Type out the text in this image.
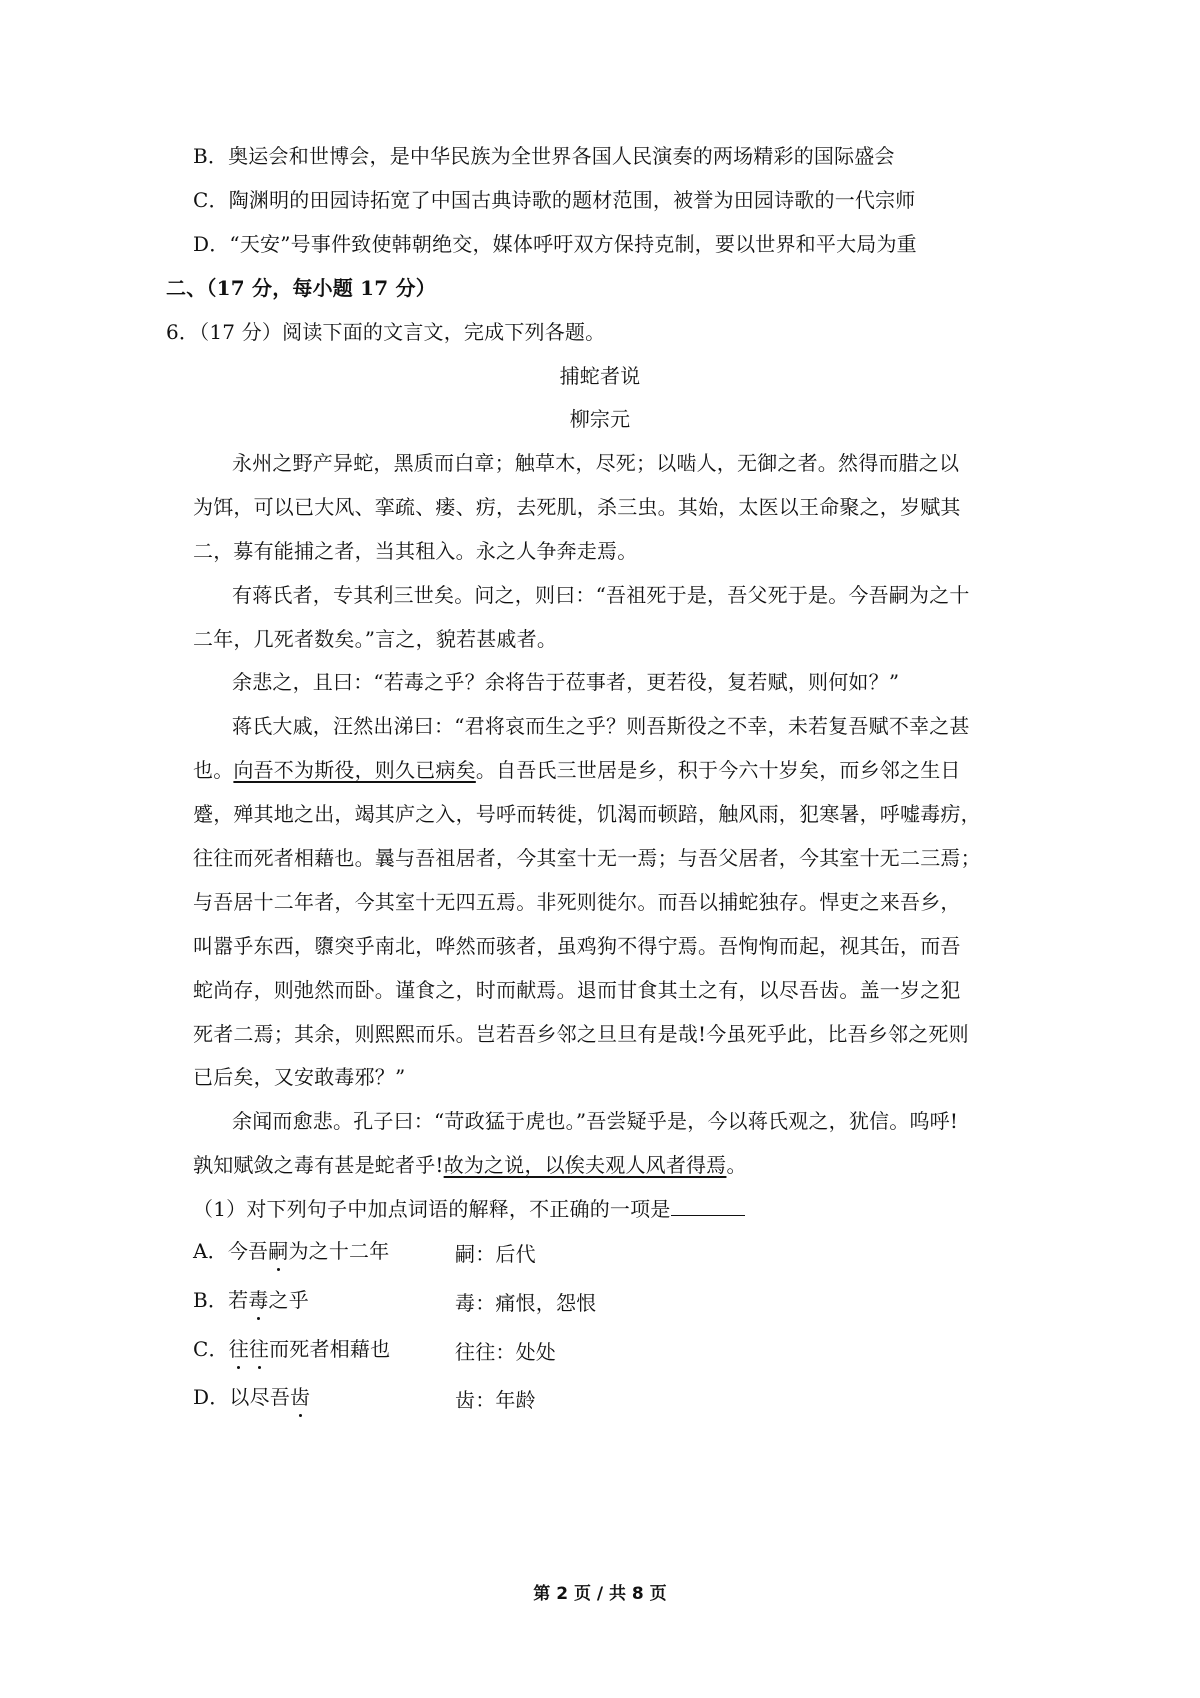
B．奥运会和世博会，是中华民族为全世界各国人民演奏的两场精彩的国际盛会
C．陶渊明的田园诗拓宽了中国古典诗歌的题材范围，被誉为田园诗歌的一代宗师
D．“天安”号事件致使韩朝绝交，媒体呼吁双方保持克制，要以世界和平大局为重
二、（17 分，每小题 17 分）
6．（17 分）阅读下面的文言文，完成下列各题。
捕蛇者说
柳宗元
永州之野产异蛇，黑质而白章；触草木，尽死；以啮人，无御之者。然得而腊之以
为饵，可以已大风、挛疏、瘘、疠，去死肌，杀三虫。其始，太医以王命聚之，岁赋其
二，募有能捕之者，当其租入。永之人争奔走焉。
有蒋氏者，专其利三世矣。问之，则曰：“吾祖死于是，吾父死于是。今吾嗣为之十
二年，几死者数矣。”言之，貌若甚戚者。
余悲之，且曰：“若毒之乎？余将告于莅事者，更若役，复若赋，则何如？”
蒋氏大戚，汪然出涕曰：“君将哀而生之乎？则吾斯役之不幸，未若复吾赋不幸之甚
也。向吾不为斯役，则久已病矣。自吾氏三世居是乡，积于今六十岁矣，而乡邻之生日
蹙，殚其地之出，竭其庐之入，号呼而转徙，饥渴而顿踣，触风雨，犯寒暑，呼嘘毒疠，
往往而死者相藉也。曩与吾祖居者，今其室十无一焉；与吾父居者，今其室十无二三焉；
与吾居十二年者，今其室十无四五焉。非死则徙尔。而吾以捕蛇独存。悍吏之来吾乡，
叫嚣乎东西，隳突乎南北，哗然而骇者，虽鸡狗不得宁焉。吾恂恂而起，视其缶，而吾
蛇尚存，则弛然而卧。谨食之，时而献焉。退而甘食其土之有，以尽吾齿。盖一岁之犯
死者二焉；其余，则熙熙而乐。岂若吾乡邻之旦旦有是哉!今虽死乎此，比吾乡邻之死则
已后矣，又安敢毒邪？”
余闻而愈悲。孔子曰：“苛政猛于虎也。”吾尝疑乎是，今以蒋氏观之，犹信。呜呼!
孰知赋敛之毒有甚是蛇者乎!故为之说，以俟夫观人风者得焉。
（1）对下列句子中加点词语的解释，不正确的一项是
A．今吾嗣为之十二年	嗣：后代
B．若毒之乎	毒：痛恨，怨恨
C．往往而死者相藉也	往往：处处
D．以尽吾齿	齿：年龄
第 2 页 / 共 8 页
